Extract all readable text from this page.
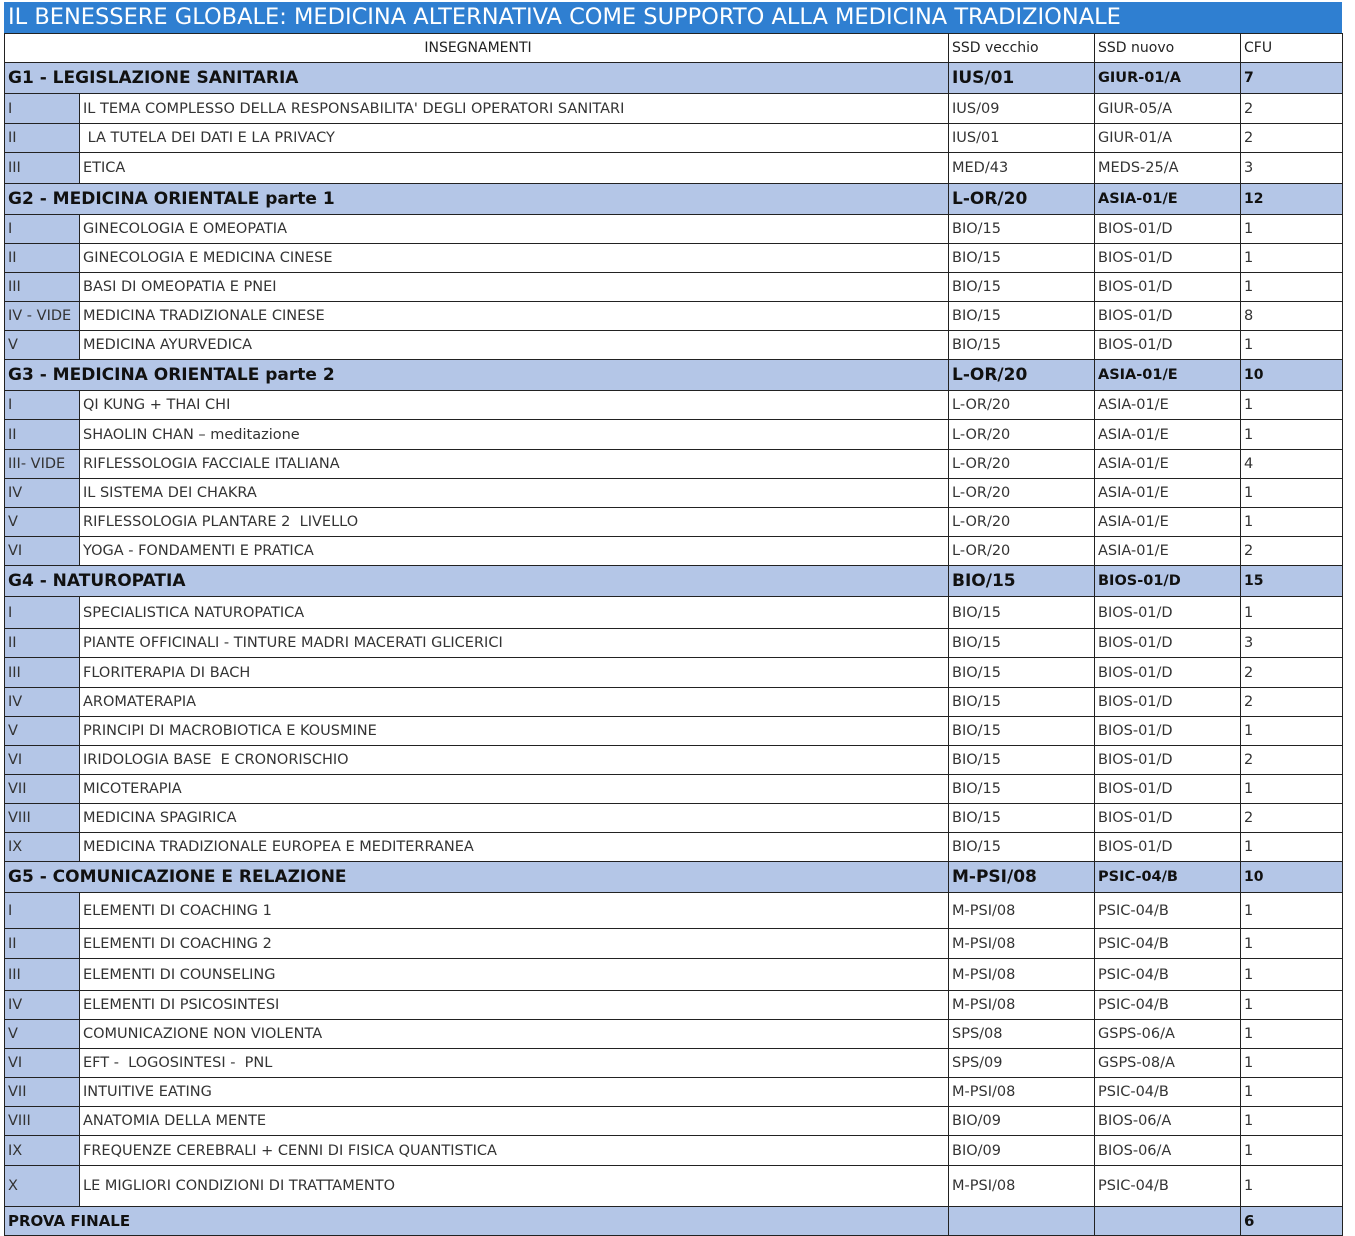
IL BENESSERE GLOBALE: MEDICINA ALTERNATIVA COME SUPPORTO ALLA MEDICINA TRADIZIONALE
INSEGNAMENTI		SSD vecchio	SSD nuovo	CFU
G1 - LEGISLAZIONE SANITARIA		IUS/01	GIUR-01/A	7
I	IL TEMA COMPLESSO DELLA RESPONSABILITA' DEGLI OPERATORI SANITARI	IUS/09	GIUR-05/A	2
II	LA TUTELA DEI DATI E LA PRIVACY	IUS/01	GIUR-01/A	2
III	ETICA	MED/43	MEDS-25/A	3
G2 - MEDICINA ORIENTALE parte 1		L-OR/20	ASIA-01/E	12
I	GINECOLOGIA E OMEOPATIA	BIO/15	BIOS-01/D	1
II	GINECOLOGIA E MEDICINA CINESE	BIO/15	BIOS-01/D	1
III	BASI DI OMEOPATIA E PNEI	BIO/15	BIOS-01/D	1
IV - VIDE	MEDICINA TRADIZIONALE CINESE	BIO/15	BIOS-01/D	8
V	MEDICINA AYURVEDICA	BIO/15	BIOS-01/D	1
G3 - MEDICINA ORIENTALE parte 2		L-OR/20	ASIA-01/E	10
I	QI KUNG + THAI CHI	L-OR/20	ASIA-01/E	1
II	SHAOLIN CHAN – meditazione	L-OR/20	ASIA-01/E	1
III- VIDE	RIFLESSOLOGIA FACCIALE ITALIANA	L-OR/20	ASIA-01/E	4
IV	IL SISTEMA DEI CHAKRA	L-OR/20	ASIA-01/E	1
V	RIFLESSOLOGIA PLANTARE 2  LIVELLO	L-OR/20	ASIA-01/E	1
VI	YOGA - FONDAMENTI E PRATICA	L-OR/20	ASIA-01/E	2
G4 - NATUROPATIA		BIO/15	BIOS-01/D	15
I	SPECIALISTICA NATUROPATICA	BIO/15	BIOS-01/D	1
II	PIANTE OFFICINALI - TINTURE MADRI MACERATI GLICERICI	BIO/15	BIOS-01/D	3
III	FLORITERAPIA DI BACH	BIO/15	BIOS-01/D	2
IV	AROMATERAPIA	BIO/15	BIOS-01/D	2
V	PRINCIPI DI MACROBIOTICA E KOUSMINE	BIO/15	BIOS-01/D	1
VI	IRIDOLOGIA BASE  E CRONORISCHIO	BIO/15	BIOS-01/D	2
VII	MICOTERAPIA	BIO/15	BIOS-01/D	1
VIII	MEDICINA SPAGIRICA	BIO/15	BIOS-01/D	2
IX	MEDICINA TRADIZIONALE EUROPEA E MEDITERRANEA	BIO/15	BIOS-01/D	1
G5 - COMUNICAZIONE E RELAZIONE		M-PSI/08	PSIC-04/B	10
I	ELEMENTI DI COACHING 1	M-PSI/08	PSIC-04/B	1
II	ELEMENTI DI COACHING 2	M-PSI/08	PSIC-04/B	1
III	ELEMENTI DI COUNSELING	M-PSI/08	PSIC-04/B	1
IV	ELEMENTI DI PSICOSINTESI	M-PSI/08	PSIC-04/B	1
V	COMUNICAZIONE NON VIOLENTA	SPS/08	GSPS-06/A	1
VI	EFT -  LOGOSINTESI -  PNL	SPS/09	GSPS-08/A	1
VII	INTUITIVE EATING	M-PSI/08	PSIC-04/B	1
VIII	ANATOMIA DELLA MENTE	BIO/09	BIOS-06/A	1
IX	FREQUENZE CEREBRALI + CENNI DI FISICA QUANTISTICA	BIO/09	BIOS-06/A	1
X	LE MIGLIORI CONDIZIONI DI TRATTAMENTO	M-PSI/08	PSIC-04/B	1
PROVA FINALE				6
